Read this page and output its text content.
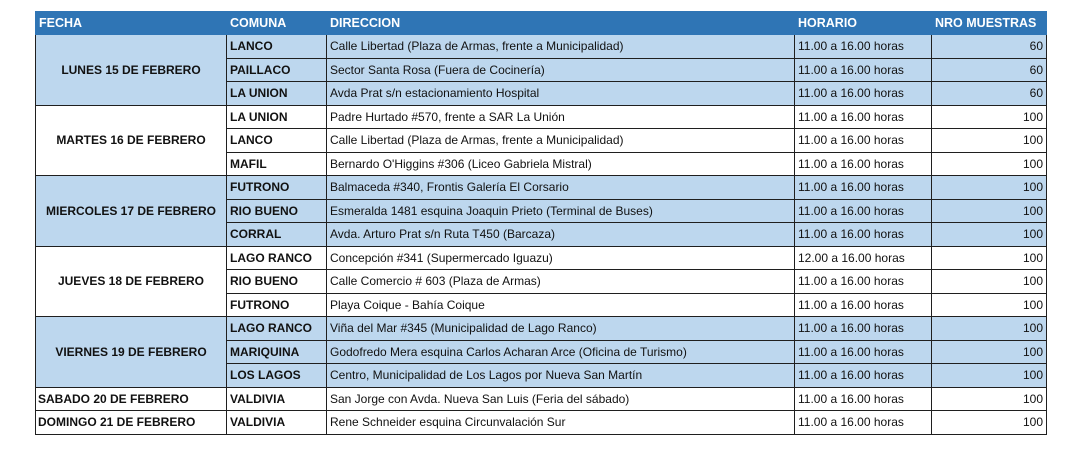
FECHA	COMUNA	DIRECCION	HORARIO	NRO MUESTRAS
LUNES 15 DE FEBRERO	LANCO	Calle Libertad (Plaza de Armas, frente a Municipalidad)	11.00 a 16.00 horas	60
	PAILLACO	Sector Santa Rosa (Fuera de Cocinería)	11.00 a 16.00 horas	60
	LA UNION	Avda Prat s/n estacionamiento Hospital	11.00 a 16.00 horas	60
MARTES 16 DE FEBRERO	LA UNION	Padre Hurtado #570, frente a SAR La Unión	11.00 a 16.00 horas	100
	LANCO	Calle Libertad (Plaza de Armas, frente a Municipalidad)	11.00 a 16.00 horas	100
	MAFIL	Bernardo O'Higgins #306 (Liceo Gabriela Mistral)	11.00 a 16.00 horas	100
MIERCOLES 17 DE FEBRERO	FUTRONO	Balmaceda #340, Frontis Galería El Corsario	11.00 a 16.00 horas	100
	RIO BUENO	Esmeralda 1481 esquina Joaquin Prieto (Terminal de Buses)	11.00 a 16.00 horas	100
	CORRAL	Avda. Arturo Prat s/n Ruta T450 (Barcaza)	11.00 a 16.00 horas	100
JUEVES 18 DE FEBRERO	LAGO RANCO	Concepción #341 (Supermercado Iguazu)	12.00 a 16.00 horas	100
	RIO BUENO	Calle Comercio # 603 (Plaza de Armas)	11.00 a 16.00 horas	100
	FUTRONO	Playa Coique - Bahía Coique	11.00 a 16.00 horas	100
VIERNES 19 DE FEBRERO	LAGO RANCO	Viña del Mar #345 (Municipalidad de Lago Ranco)	11.00 a 16.00 horas	100
	MARIQUINA	Godofredo Mera esquina Carlos Acharan Arce (Oficina de Turismo)	11.00 a 16.00 horas	100
	LOS LAGOS	Centro, Municipalidad de Los Lagos por Nueva San Martín	11.00 a 16.00 horas	100
SABADO 20 DE FEBRERO	VALDIVIA	San Jorge con Avda. Nueva San Luis (Feria del sábado)	11.00 a 16.00 horas	100
DOMINGO 21 DE FEBRERO	VALDIVIA	Rene Schneider esquina Circunvalación Sur	11.00 a 16.00 horas	100
